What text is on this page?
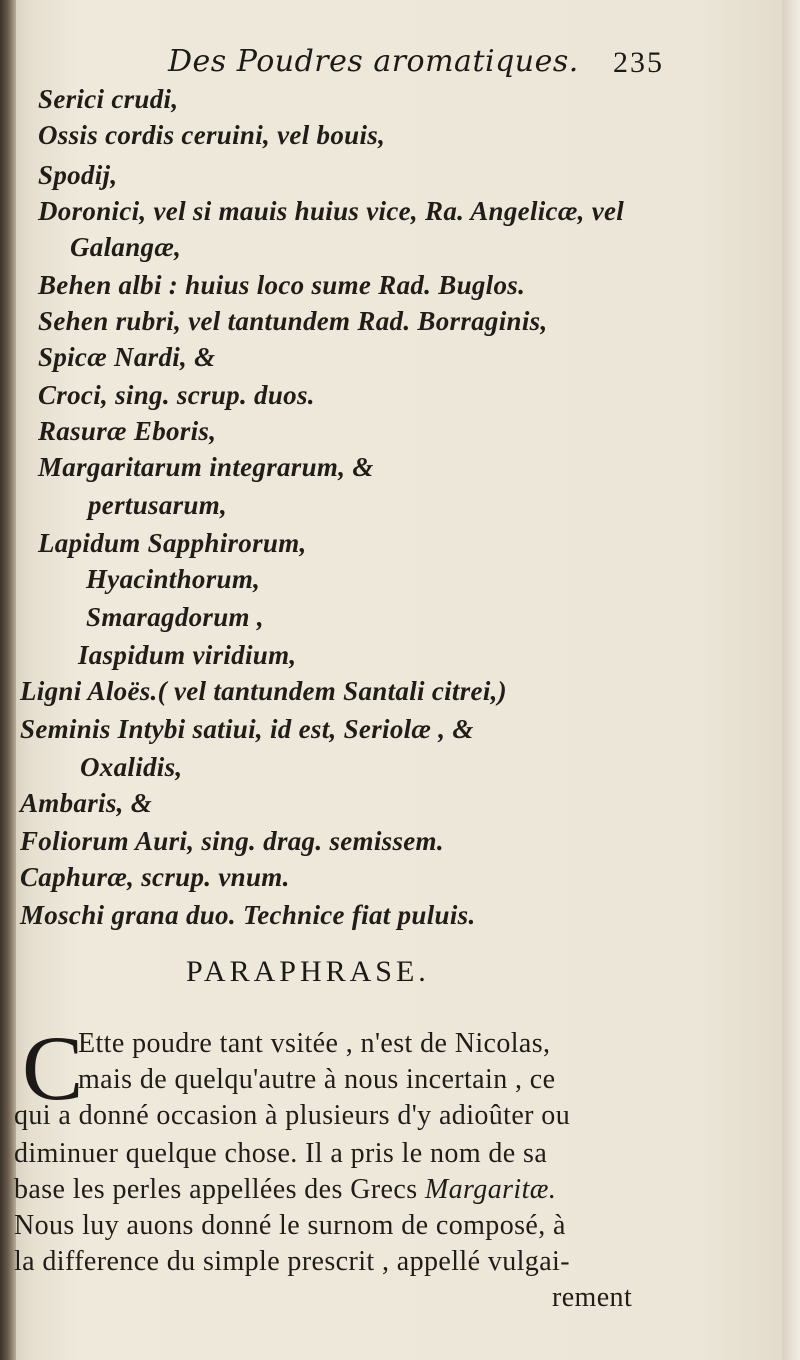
Des Poudres aromatiques. 235
Serici crudi,
Ossis cordis ceruini, vel bouis,
Spodij,
Doronici, vel si mauis huius vice, Ra. Angelicæ, vel
Galangæ,
Behen albi : huius loco sume Rad. Buglos.
Sehen rubri, vel tantundem Rad. Borraginis,
Spicæ Nardi, &
Croci, sing. scrup. duos.
Rasuræ Eboris,
Margaritarum integrarum, &
pertusarum,
Lapidum Sapphirorum,
Hyacinthorum,
Smaragdorum ,
Iaspidum viridium,
Ligni Aloës.( vel tantundem Santali citrei,)
Seminis Intybi satiui, id est, Seriolæ , &
Oxalidis,
Ambaris, &
Foliorum Auri, sing. drag. semissem.
Caphuræ, scrup. vnum.
Moschi grana duo. Technice fiat puluis.
PARAPHRASE.
C
Ette poudre tant vsitée , n'est de Nicolas,
mais de quelqu'autre à nous incertain , ce
qui a donné occasion à plusieurs d'y adioûter ou
diminuer quelque chose. Il a pris le nom de sa
base les perles appellées des Grecs Margaritæ.
Nous luy auons donné le surnom de composé, à
la difference du simple prescrit , appellé vulgai-
rement
